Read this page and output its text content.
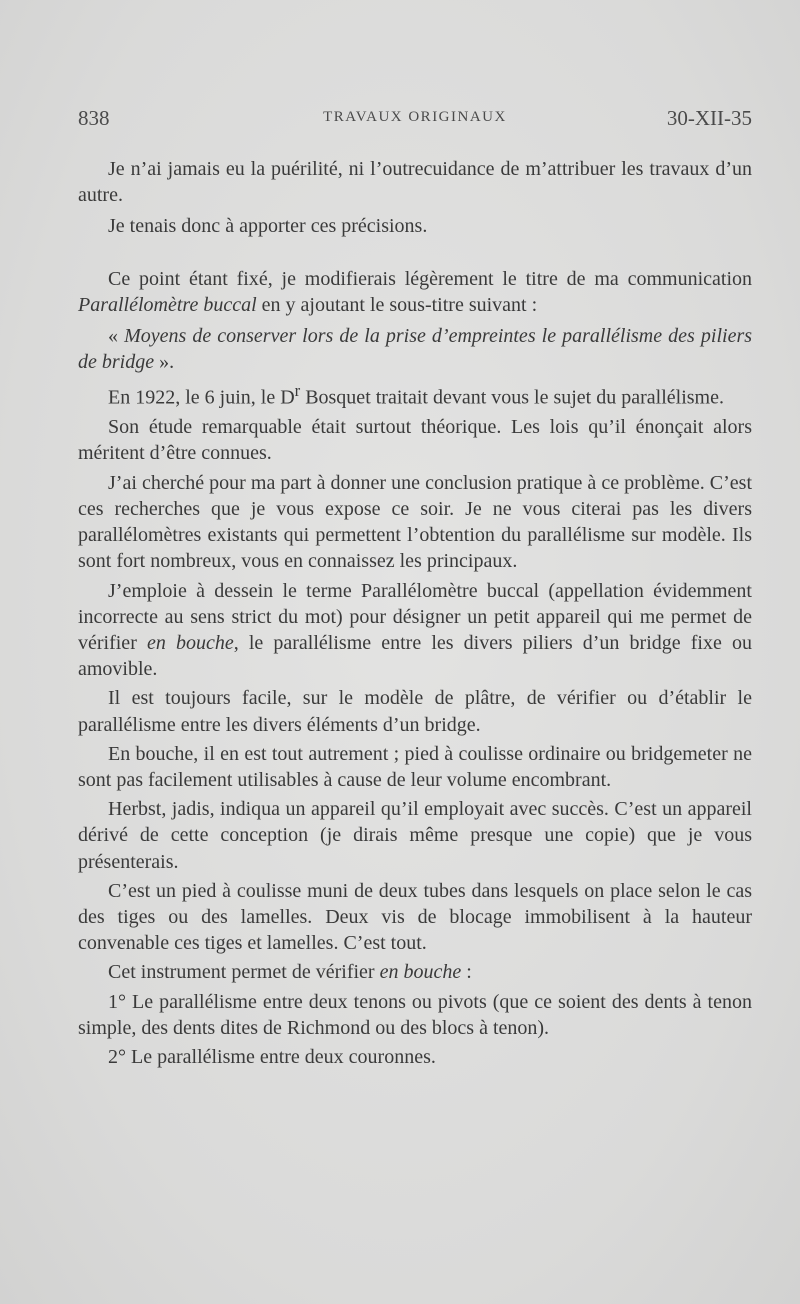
838	TRAVAUX ORIGINAUX	30-XII-35

Je n’ai jamais eu la puérilité, ni l’outrecuidance de m’attribuer les travaux d’un autre.

Je tenais donc à apporter ces précisions.

Ce point étant fixé, je modifierais légèrement le titre de ma communication Parallélomètre buccal en y ajoutant le sous-titre suivant :

« Moyens de conserver lors de la prise d’empreintes le parallélisme des piliers de bridge ».

En 1922, le 6 juin, le $D^r$ Bosquet traitait devant vous le sujet du parallélisme.

Son étude remarquable était surtout théorique. Les lois qu’il énonçait alors méritent d’être connues.

J’ai cherché pour ma part à donner une conclusion pratique à ce problème. C’est ces recherches que je vous expose ce soir. Je ne vous citerai pas les divers parallélomètres existants qui permettent l’obtention du parallélisme sur modèle. Ils sont fort nombreux, vous en connaissez les principaux.

J’emploie à dessein le terme Parallélomètre buccal (appellation évidemment incorrecte au sens strict du mot) pour désigner un petit appareil qui me permet de vérifier en bouche, le parallélisme entre les divers piliers d’un bridge fixe ou amovible.

Il est toujours facile, sur le modèle de plâtre, de vérifier ou d’établir le parallélisme entre les divers éléments d’un bridge.

En bouche, il en est tout autrement ; pied à coulisse ordinaire ou bridgemeter ne sont pas facilement utilisables à cause de leur volume encombrant.

Herbst, jadis, indiqua un appareil qu’il employait avec succès. C’est un appareil dérivé de cette conception (je dirais même presque une copie) que je vous présenterais.

C’est un pied à coulisse muni de deux tubes dans lesquels on place selon le cas des tiges ou des lamelles. Deux vis de blocage immobilisent à la hauteur convenable ces tiges et lamelles. C’est tout.

Cet instrument permet de vérifier en bouche :

1° Le parallélisme entre deux tenons ou pivots (que ce soient des dents à tenon simple, des dents dites de Richmond ou des blocs à tenon).

2° Le parallélisme entre deux couronnes.
